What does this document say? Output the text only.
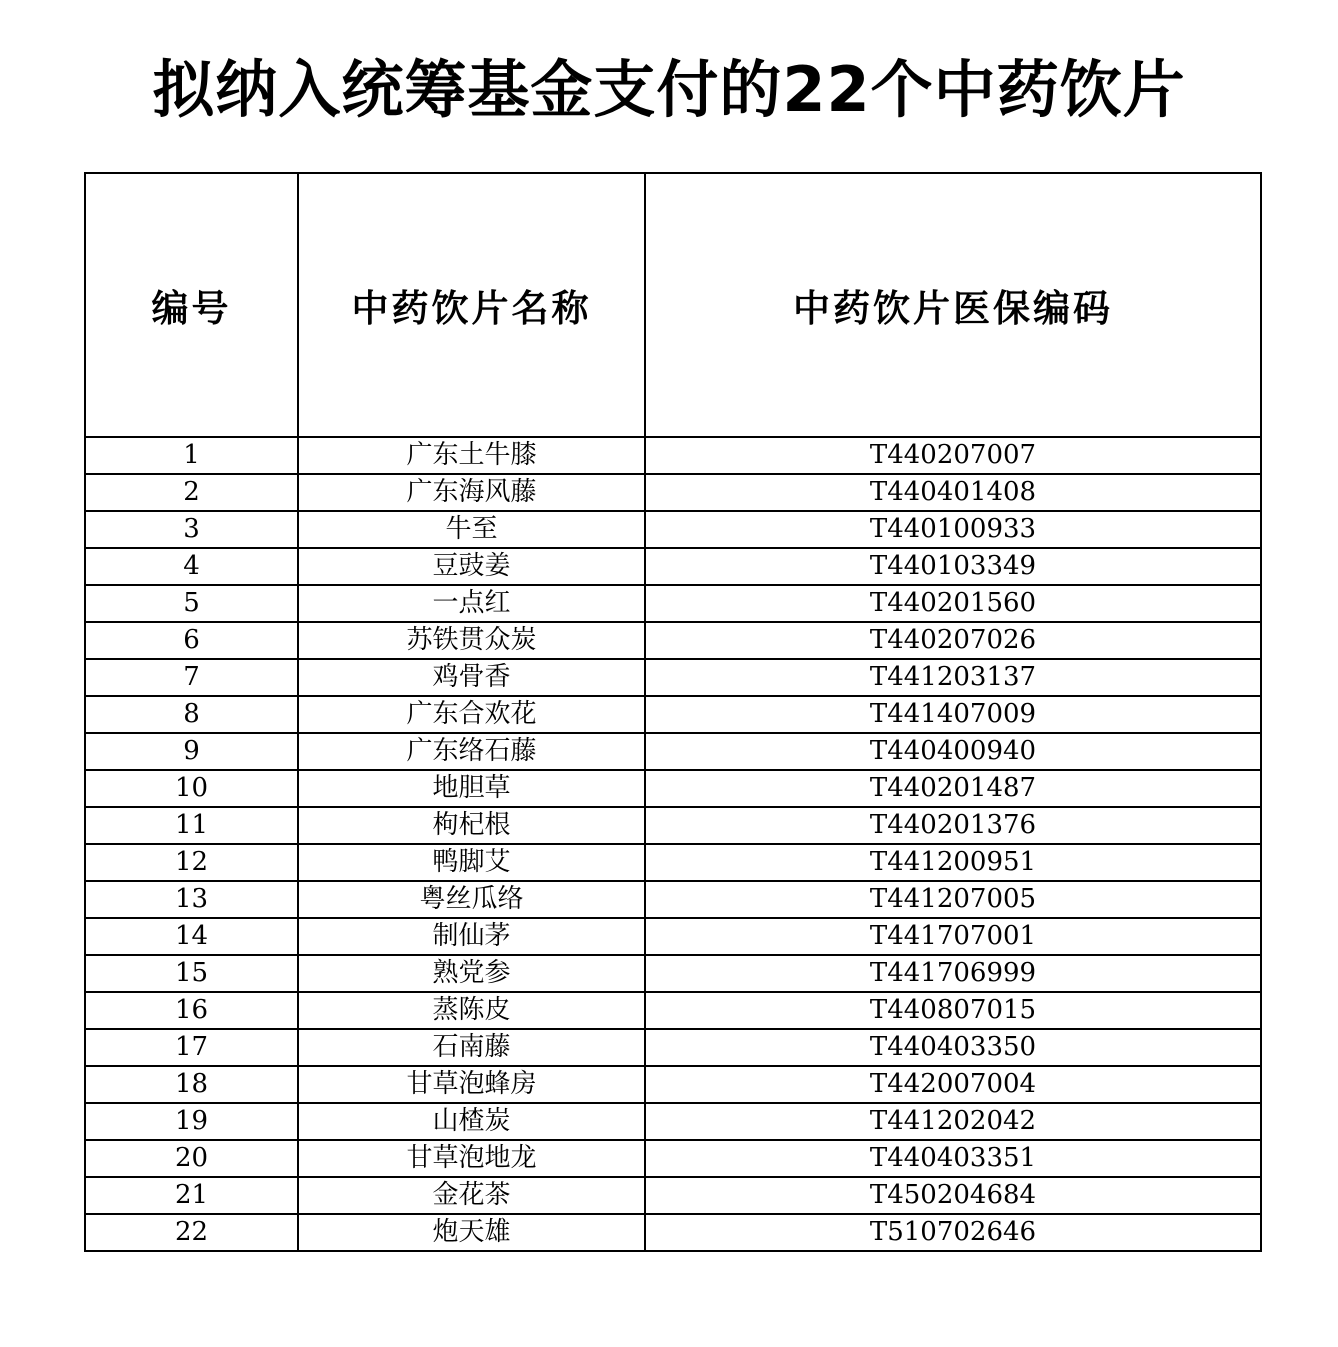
拟纳入统筹基金支付的22个中药饮片
编号	中药饮片名称	中药饮片医保编码
1	广东土牛膝	T440207007
2	广东海风藤	T440401408
3	牛至	T440100933
4	豆豉姜	T440103349
5	一点红	T440201560
6	苏铁贯众炭	T440207026
7	鸡骨香	T441203137
8	广东合欢花	T441407009
9	广东络石藤	T440400940
10	地胆草	T440201487
11	枸杞根	T440201376
12	鸭脚艾	T441200951
13	粤丝瓜络	T441207005
14	制仙茅	T441707001
15	熟党参	T441706999
16	蒸陈皮	T440807015
17	石南藤	T440403350
18	甘草泡蜂房	T442007004
19	山楂炭	T441202042
20	甘草泡地龙	T440403351
21	金花茶	T450204684
22	炮天雄	T510702646
